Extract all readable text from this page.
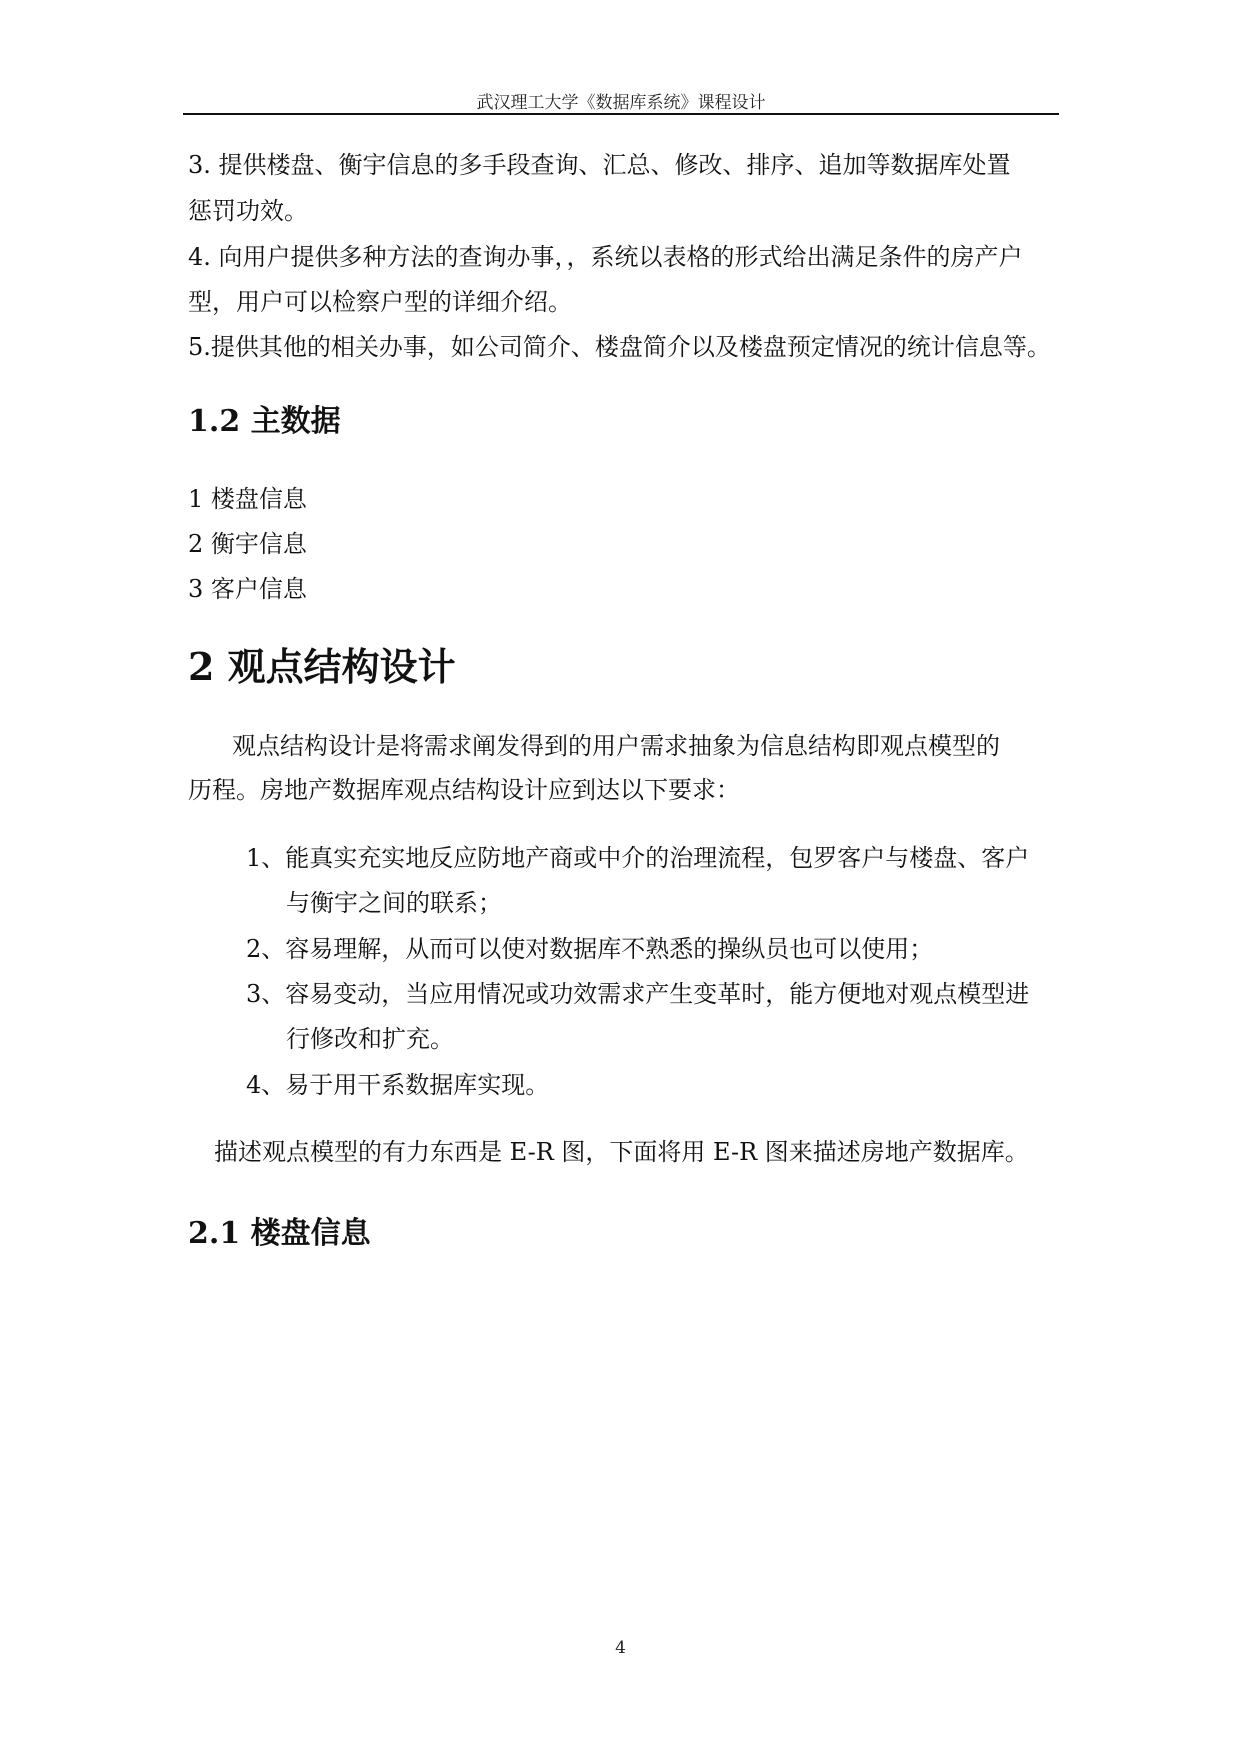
武汉理工大学《数据库系统》课程设计
3. 提供楼盘、衡宇信息的多手段查询、汇总、修改、排序、追加等数据库处置
惩罚功效。
4. 向用户提供多种方法的查询办事，，系统以表格的形式给出满足条件的房产户
型，用户可以检察户型的详细介绍。
5.提供其他的相关办事，如公司简介、楼盘简介以及楼盘预定情况的统计信息等。
1.2 主数据
1 楼盘信息
2 衡宇信息
3 客户信息
2 观点结构设计
观点结构设计是将需求阐发得到的用户需求抽象为信息结构即观点模型的
历程。房地产数据库观点结构设计应到达以下要求：
1、能真实充实地反应防地产商或中介的治理流程，包罗客户与楼盘、客户
与衡宇之间的联系；
2、容易理解，从而可以使对数据库不熟悉的操纵员也可以使用；
3、容易变动，当应用情况或功效需求产生变革时，能方便地对观点模型进
行修改和扩充。
4、易于用干系数据库实现。
描述观点模型的有力东西是 E-R 图，下面将用 E-R 图来描述房地产数据库。
2.1 楼盘信息
4
